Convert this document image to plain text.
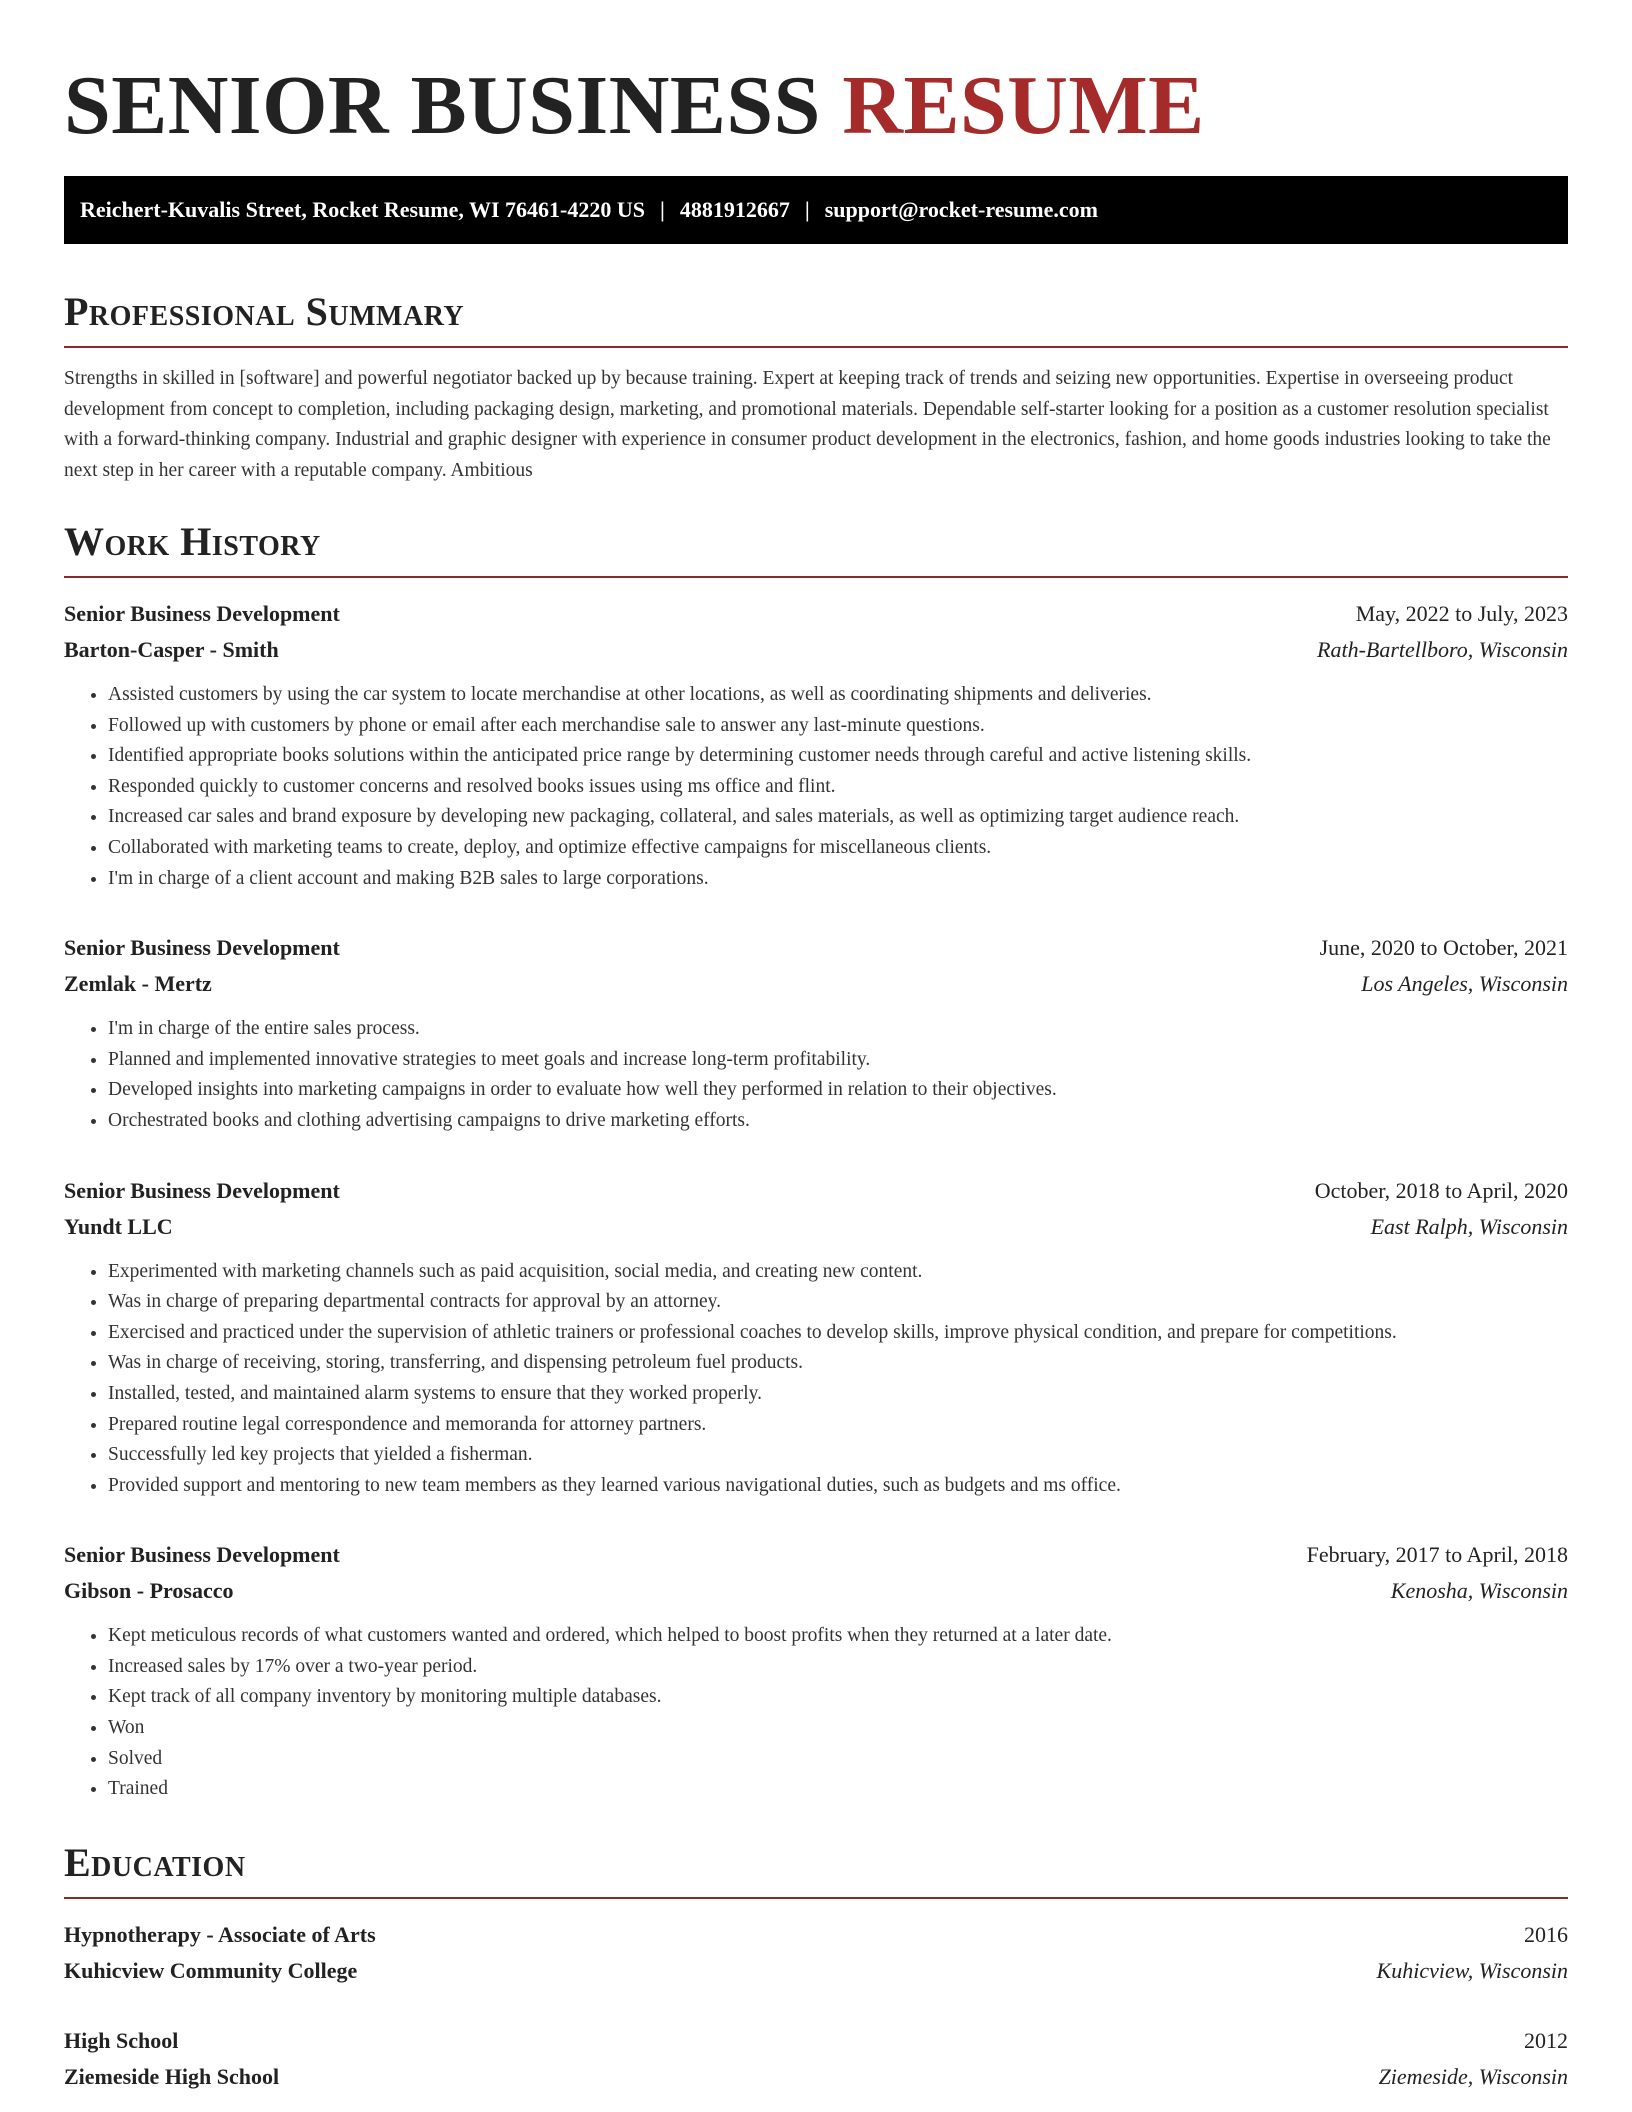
SENIOR BUSINESS RESUME
Reichert-Kuvalis Street, Rocket Resume, WI 76461-4220 US | 4881912667 | support@rocket-resume.com
Professional Summary

Strengths in skilled in [software] and powerful negotiator backed up by because training. Expert at keeping track of trends and seizing new opportunities. Expertise in overseeing product development from concept to completion, including packaging design, marketing, and promotional materials. Dependable self-starter looking for a position as a customer resolution specialist with a forward-thinking company. Industrial and graphic designer with experience in consumer product development in the electronics, fashion, and home goods industries looking to take the next step in her career with a reputable company. Ambitious

Work History
Senior Business Development	May, 2022 to July, 2023
Barton-Casper - Smith	Rath-Bartellboro, Wisconsin
• Assisted customers by using the car system to locate merchandise at other locations, as well as coordinating shipments and deliveries.
• Followed up with customers by phone or email after each merchandise sale to answer any last-minute questions.
• Identified appropriate books solutions within the anticipated price range by determining customer needs through careful and active listening skills.
• Responded quickly to customer concerns and resolved books issues using ms office and flint.
• Increased car sales and brand exposure by developing new packaging, collateral, and sales materials, as well as optimizing target audience reach.
• Collaborated with marketing teams to create, deploy, and optimize effective campaigns for miscellaneous clients.
• I'm in charge of a client account and making B2B sales to large corporations.
Senior Business Development	June, 2020 to October, 2021
Zemlak - Mertz	Los Angeles, Wisconsin
• I'm in charge of the entire sales process.
• Planned and implemented innovative strategies to meet goals and increase long-term profitability.
• Developed insights into marketing campaigns in order to evaluate how well they performed in relation to their objectives.
• Orchestrated books and clothing advertising campaigns to drive marketing efforts.
Senior Business Development	October, 2018 to April, 2020
Yundt LLC	East Ralph, Wisconsin
• Experimented with marketing channels such as paid acquisition, social media, and creating new content.
• Was in charge of preparing departmental contracts for approval by an attorney.
• Exercised and practiced under the supervision of athletic trainers or professional coaches to develop skills, improve physical condition, and prepare for competitions.
• Was in charge of receiving, storing, transferring, and dispensing petroleum fuel products.
• Installed, tested, and maintained alarm systems to ensure that they worked properly.
• Prepared routine legal correspondence and memoranda for attorney partners.
• Successfully led key projects that yielded a fisherman.
• Provided support and mentoring to new team members as they learned various navigational duties, such as budgets and ms office.
Senior Business Development	February, 2017 to April, 2018
Gibson - Prosacco	Kenosha, Wisconsin
• Kept meticulous records of what customers wanted and ordered, which helped to boost profits when they returned at a later date.
• Increased sales by 17% over a two-year period.
• Kept track of all company inventory by monitoring multiple databases.
• Won
• Solved
• Trained
Education
Hypnotherapy - Associate of Arts	2016
Kuhicview Community College	Kuhicview, Wisconsin
High School	2012
Ziemeside High School	Ziemeside, Wisconsin
